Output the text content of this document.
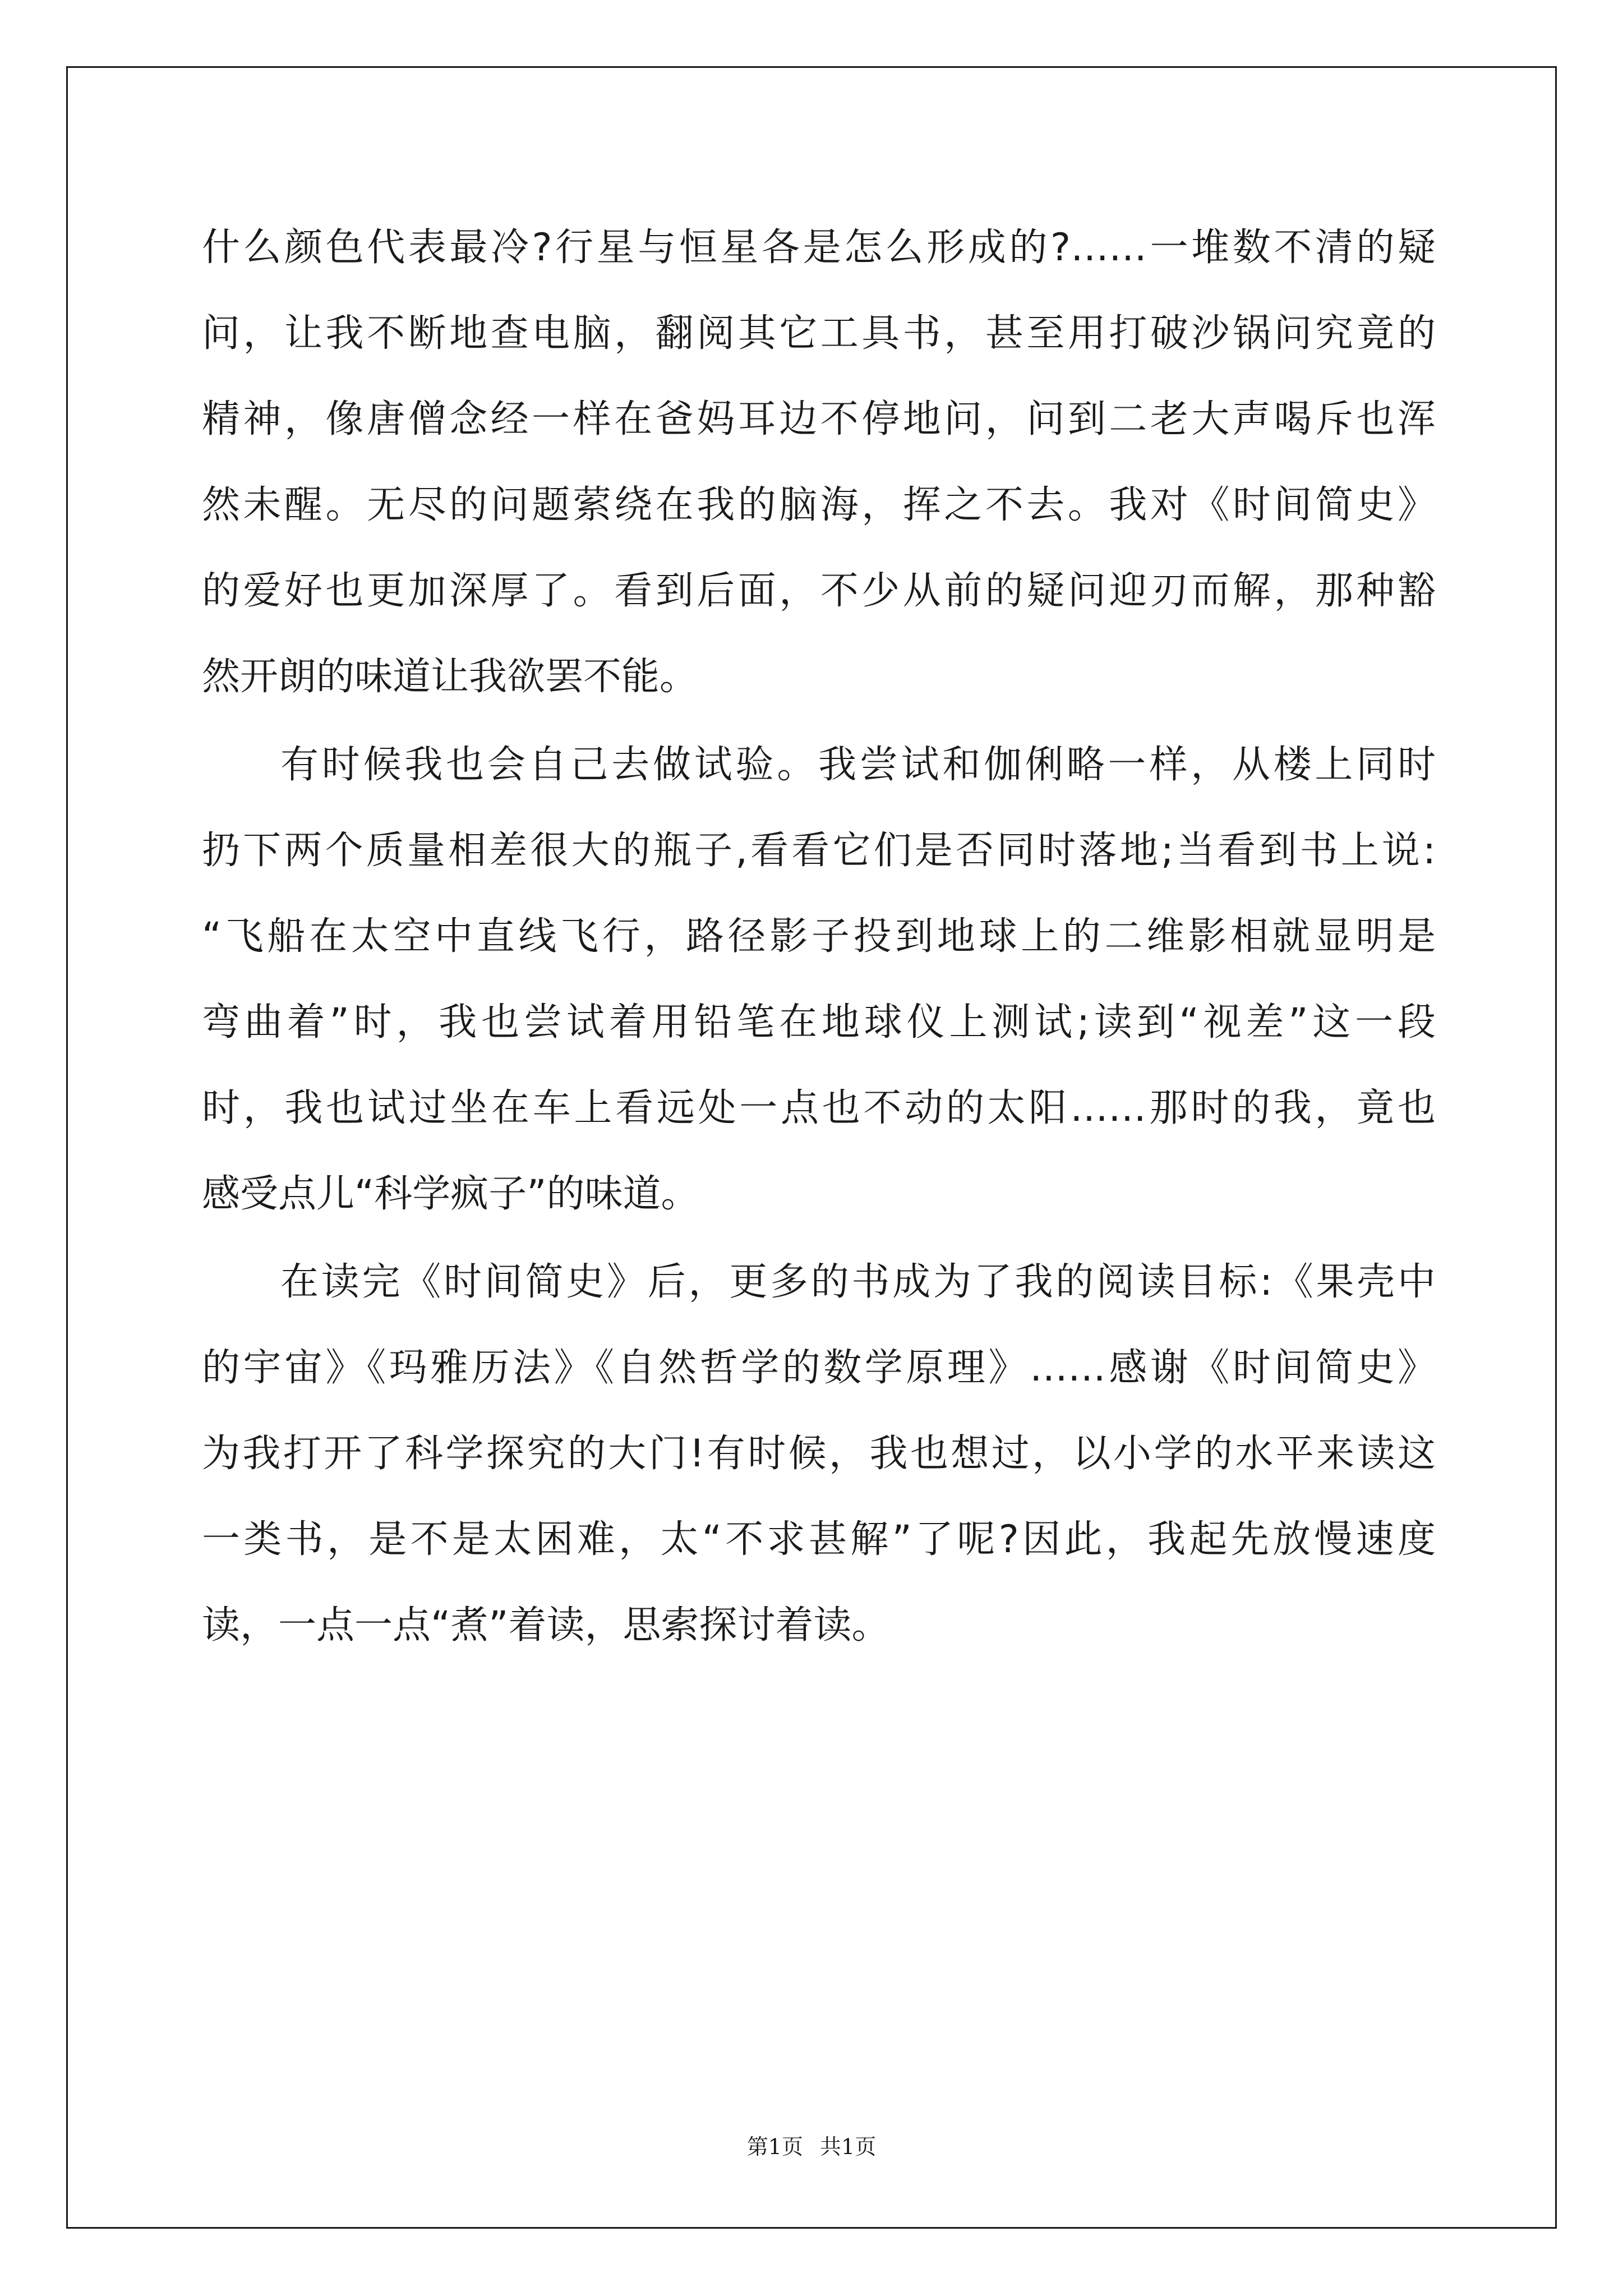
什么颜色代表最冷?行星与恒星各是怎么形成的?……一堆数不清的疑
问，让我不断地查电脑，翻阅其它工具书，甚至用打破沙锅问究竟的
精神，像唐僧念经一样在爸妈耳边不停地问，问到二老大声喝斥也浑
然未醒。无尽的问题萦绕在我的脑海，挥之不去。我对《时间简史》
的爱好也更加深厚了。看到后面，不少从前的疑问迎刃而解，那种豁
然开朗的味道让我欲罢不能。
有时候我也会自己去做试验。我尝试和伽俐略一样，从楼上同时
扔下两个质量相差很大的瓶子,看看它们是否同时落地;当看到书上说:
“飞船在太空中直线飞行，路径影子投到地球上的二维影相就显明是
弯曲着”时，我也尝试着用铅笔在地球仪上测试;读到“视差”这一段
时，我也试过坐在车上看远处一点也不动的太阳……那时的我，竟也
感受点儿“科学疯子”的味道。
在读完《时间简史》后，更多的书成为了我的阅读目标:《果壳中
的宇宙》《玛雅历法》《自然哲学的数学原理》……感谢《时间简史》
为我打开了科学探究的大门!有时候，我也想过，以小学的水平来读这
一类书，是不是太困难，太“不求甚解”了呢?因此，我起先放慢速度
读，一点一点“煮”着读，思索探讨着读。
第1页 共1页
